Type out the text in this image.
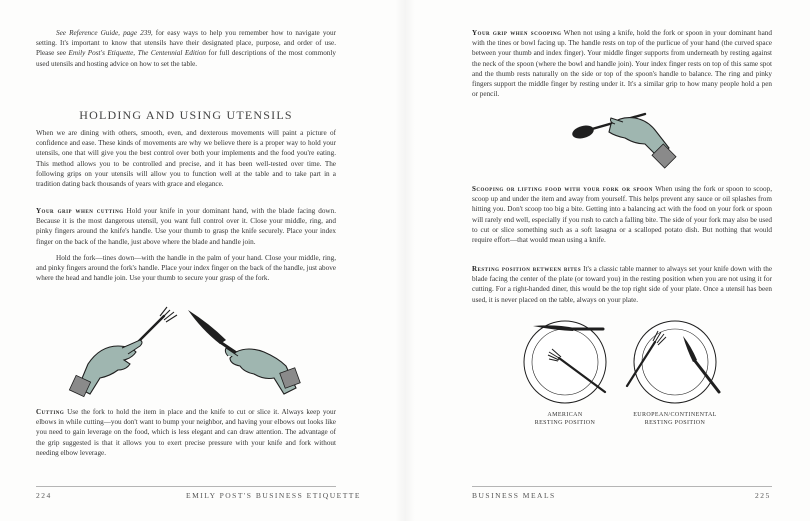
See Reference Guide, page 239, for easy ways to help you remember how to navigate your setting. It's important to know that utensils have their designated place, purpose, and order of use. Please see Emily Post's Etiquette, The Centennial Edition for full descriptions of the most commonly used utensils and hosting advice on how to set the table.

HOLDING AND USING UTENSILS

When we are dining with others, smooth, even, and dexterous movements will paint a picture of confidence and ease. These kinds of movements are why we believe there is a proper way to hold your utensils, one that will give you the best control over both your implements and the food you're eating. This method allows you to be controlled and precise, and it has been well-tested over time. The following grips on your utensils will allow you to function well at the table and to take part in a tradition dating back thousands of years with grace and elegance.

Your grip when cutting Hold your knife in your dominant hand, with the blade facing down. Because it is the most dangerous utensil, you want full control over it. Close your middle, ring, and pinky fingers around the knife's handle. Use your thumb to grasp the knife securely. Place your index finger on the back of the handle, just above where the blade and handle join.

Hold the fork—tines down—with the handle in the palm of your hand. Close your middle, ring, and pinky fingers around the fork's handle. Place your index finger on the back of the handle, just above where the head and handle join. Use your thumb to secure your grasp of the fork.

Cutting Use the fork to hold the item in place and the knife to cut or slice it. Always keep your elbows in while cutting—you don't want to bump your neighbor, and having your elbows out looks like you need to gain leverage on the food, which is less elegant and can draw attention. The advantage of the grip suggested is that it allows you to exert precise pressure with your knife and fork without needing elbow leverage.

224	EMILY POST'S BUSINESS ETIQUETTE

Your grip when scooping When not using a knife, hold the fork or spoon in your dominant hand with the tines or bowl facing up. The handle rests on top of the purlicue of your hand (the curved space between your thumb and index finger). Your middle finger supports from underneath by resting against the neck of the spoon (where the bowl and handle join). Your index finger rests on top of this same spot and the thumb rests naturally on the side or top of the spoon's handle to balance. The ring and pinky fingers support the middle finger by resting under it. It's a similar grip to how many people hold a pen or pencil.

Scooping or lifting food with your fork or spoon When using the fork or spoon to scoop, scoop up and under the item and away from yourself. This helps prevent any sauce or oil splashes from hitting you. Don't scoop too big a bite. Getting into a balancing act with the food on your fork or spoon will rarely end well, especially if you rush to catch a falling bite. The side of your fork may also be used to cut or slice something such as a soft lasagna or a scalloped potato dish. But nothing that would require effort—that would mean using a knife.

Resting position between bites It's a classic table manner to always set your knife down with the blade facing the center of the plate (or toward you) in the resting position when you are not using it for cutting. For a right-handed diner, this would be the top right side of your plate. Once a utensil has been used, it is never placed on the table, always on your plate.

AMERICAN
RESTING POSITION

EUROPEAN/CONTINENTAL
RESTING POSITION

BUSINESS MEALS	225
